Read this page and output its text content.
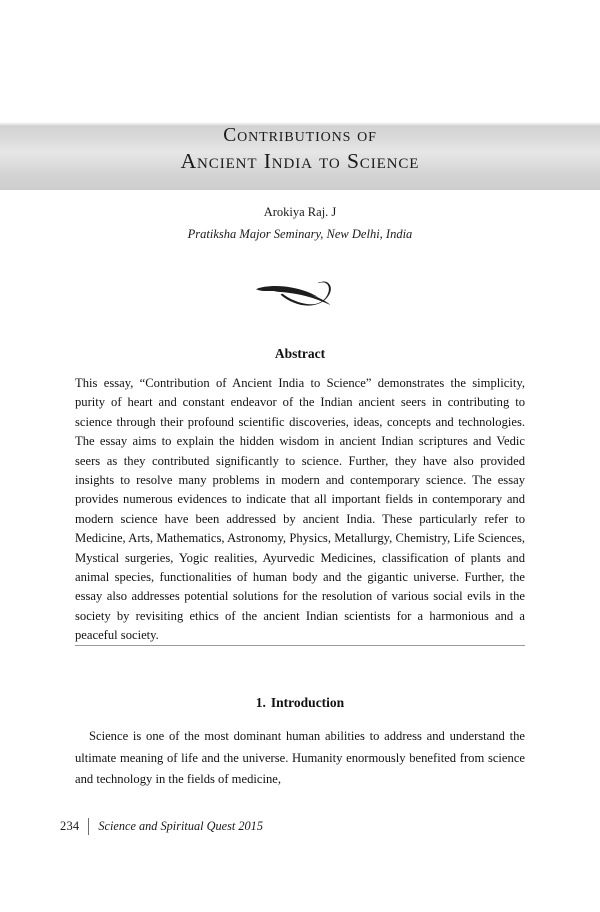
Contributions of
Ancient India to Science
Arokiya Raj. J
Pratiksha Major Seminary, New Delhi, India
Abstract
This essay, “Contribution of Ancient India to Science” demonstrates the simplicity, purity of heart and constant endeavor of the Indian ancient seers in contributing to science through their profound scientific discoveries, ideas, concepts and technologies. The essay aims to explain the hidden wisdom in ancient Indian scriptures and Vedic seers as they contributed significantly to science. Further, they have also provided insights to resolve many problems in modern and contemporary science. The essay provides numerous evidences to indicate that all important fields in contemporary and modern science have been addressed by ancient India. These particularly refer to Medicine, Arts, Mathematics, Astronomy, Physics, Metallurgy, Chemistry, Life Sciences, Mystical surgeries, Yogic realities, Ayurvedic Medicines, classification of plants and animal species, functionalities of human body and the gigantic universe. Further, the essay also addresses potential solutions for the resolution of various social evils in the society by revisiting ethics of the ancient Indian scientists for a harmonious and a peaceful society.
1. Introduction
Science is one of the most dominant human abilities to address and understand the ultimate meaning of life and the universe. Humanity enormously benefited from science and technology in the fields of medicine,
234 Science and Spiritual Quest 2015
